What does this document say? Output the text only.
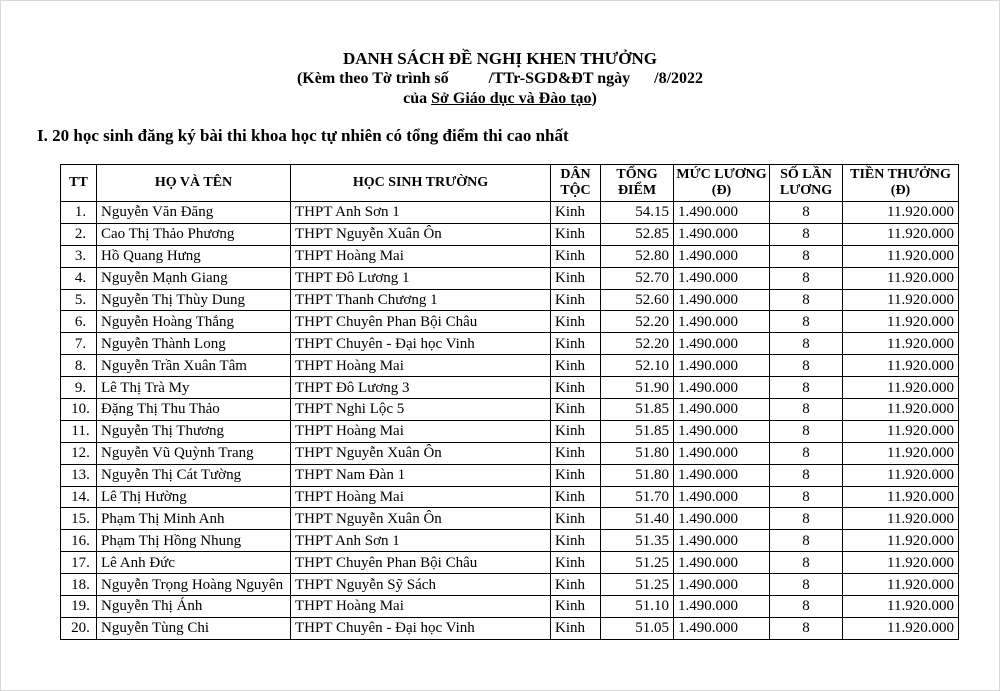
DANH SÁCH ĐỀ NGHỊ KHEN THƯỞNG
(Kèm theo Tờ trình số          /TTr-SGD&ĐT ngày      /8/2022
của Sở Giáo dục và Đào tạo)
I. 20 học sinh đăng ký bài thi khoa học tự nhiên có tổng điểm thi cao nhất
TT	HỌ VÀ TÊN	HỌC SINH TRƯỜNG	DÂN TỘC	TỔNG ĐIỂM	MỨC LƯƠNG (Đ)	SỐ LẦN LƯƠNG	TIỀN THƯỞNG (Đ)

1.	Nguyễn Văn Đăng	THPT Anh Sơn 1	Kinh	54.15	1.490.000	8	11.920.000
2.	Cao Thị Thảo Phương	THPT Nguyễn Xuân Ôn	Kinh	52.85	1.490.000	8	11.920.000
3.	Hồ Quang Hưng	THPT Hoàng Mai	Kinh	52.80	1.490.000	8	11.920.000
4.	Nguyễn Mạnh Giang	THPT Đô Lương 1	Kinh	52.70	1.490.000	8	11.920.000
5.	Nguyễn Thị Thùy Dung	THPT Thanh Chương 1	Kinh	52.60	1.490.000	8	11.920.000
6.	Nguyễn Hoàng Thắng	THPT Chuyên Phan Bội Châu	Kinh	52.20	1.490.000	8	11.920.000
7.	Nguyễn Thành Long	THPT Chuyên - Đại học Vinh	Kinh	52.20	1.490.000	8	11.920.000
8.	Nguyễn Trần Xuân Tâm	THPT Hoàng Mai	Kinh	52.10	1.490.000	8	11.920.000
9.	Lê Thị Trà My	THPT Đô Lương 3	Kinh	51.90	1.490.000	8	11.920.000
10.	Đặng Thị Thu Thảo	THPT Nghi Lộc 5	Kinh	51.85	1.490.000	8	11.920.000
11.	Nguyễn Thị Thương	THPT Hoàng Mai	Kinh	51.85	1.490.000	8	11.920.000
12.	Nguyễn Vũ Quỳnh Trang	THPT Nguyễn Xuân Ôn	Kinh	51.80	1.490.000	8	11.920.000
13.	Nguyễn Thị Cát Tường	THPT Nam Đàn 1	Kinh	51.80	1.490.000	8	11.920.000
14.	Lê Thị Hường	THPT Hoàng Mai	Kinh	51.70	1.490.000	8	11.920.000
15.	Phạm Thị Minh Anh	THPT Nguyễn Xuân Ôn	Kinh	51.40	1.490.000	8	11.920.000
16.	Phạm Thị Hồng Nhung	THPT Anh Sơn 1	Kinh	51.35	1.490.000	8	11.920.000
17.	Lê Anh Đức	THPT Chuyên Phan Bội Châu	Kinh	51.25	1.490.000	8	11.920.000
18.	Nguyễn Trọng Hoàng Nguyên	THPT Nguyễn Sỹ Sách	Kinh	51.25	1.490.000	8	11.920.000
19.	Nguyễn Thị Ánh	THPT Hoàng Mai	Kinh	51.10	1.490.000	8	11.920.000
20.	Nguyễn Tùng Chi	THPT Chuyên - Đại học Vinh	Kinh	51.05	1.490.000	8	11.920.000
